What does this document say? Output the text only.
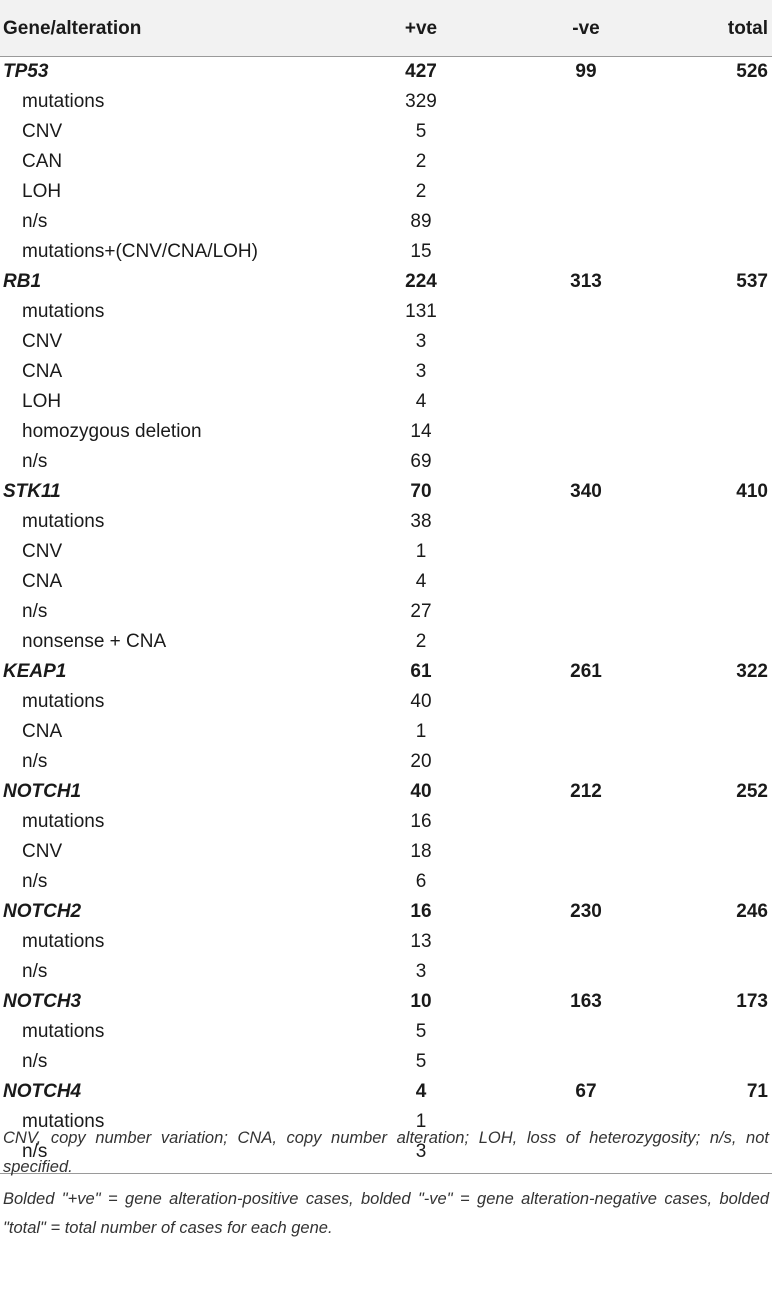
Gene/alteration	+ve	-ve	total
TP53	427	99	526
mutations	329
CNV	5
CAN	2
LOH	2
n/s	89
mutations+(CNV/CNA/LOH)	15
RB1	224	313	537
mutations	131
CNV	3
CNA	3
LOH	4
homozygous deletion	14
n/s	69
STK11	70	340	410
mutations	38
CNV	1
CNA	4
n/s	27
nonsense + CNA	2
KEAP1	61	261	322
mutations	40
CNA	1
n/s	20
NOTCH1	40	212	252
mutations	16
CNV	18
n/s	6
NOTCH2	16	230	246
mutations	13
n/s	3
NOTCH3	10	163	173
mutations	5
n/s	5
NOTCH4	4	67	71
mutations	1
n/s	3

CNV, copy number variation; CNA, copy number alteration; LOH, loss of heterozygosity; n/s, not specified.

Bolded "+ve" = gene alteration-positive cases, bolded "-ve" = gene alteration-negative cases, bolded "total" = total number of cases for each gene.
